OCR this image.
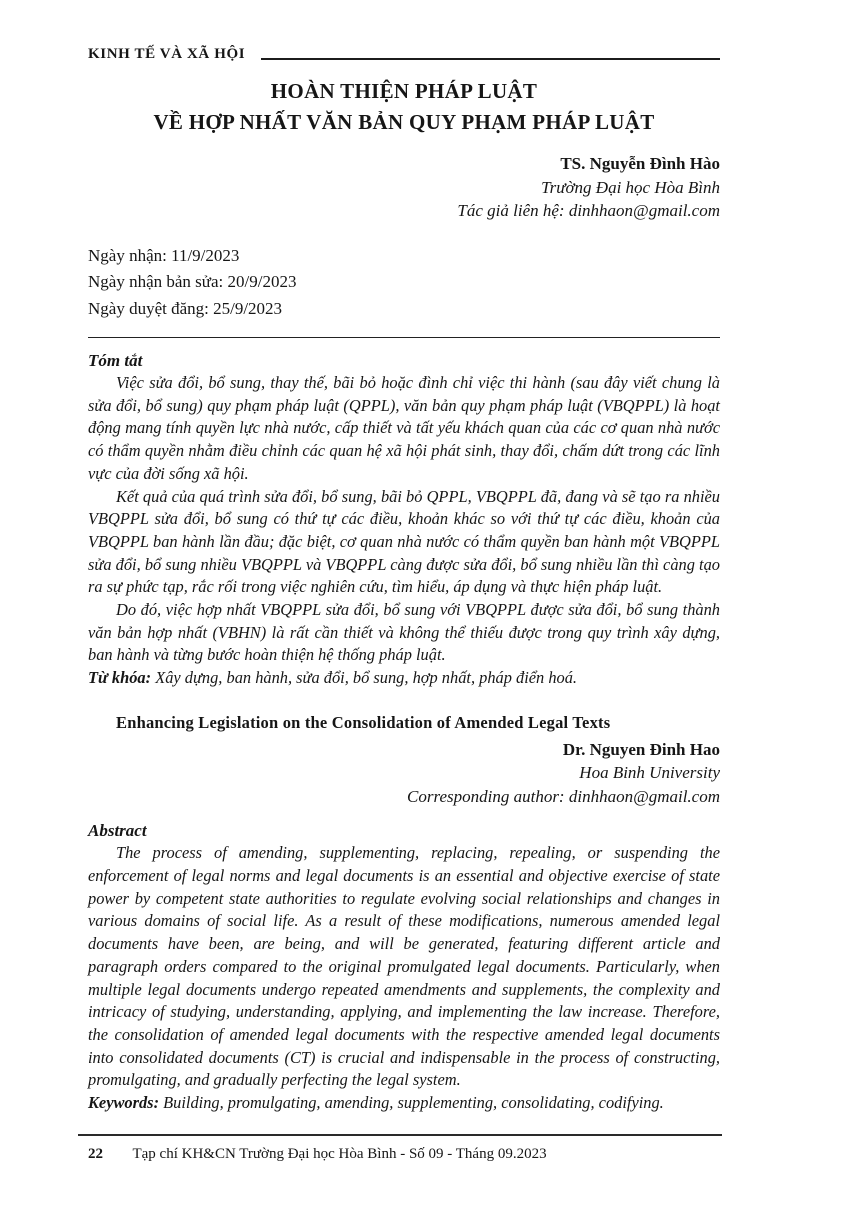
KINH TẾ VÀ XÃ HỘI
HOÀN THIỆN PHÁP LUẬT
VỀ HỢP NHẤT VĂN BẢN QUY PHẠM PHÁP LUẬT
TS. Nguyễn Đình Hào
Trường Đại học Hòa Bình
Tác giả liên hệ: dinhhaon@gmail.com
Ngày nhận: 11/9/2023
Ngày nhận bản sửa: 20/9/2023
Ngày duyệt đăng: 25/9/2023
Tóm tắt

Việc sửa đổi, bổ sung, thay thế, bãi bỏ hoặc đình chỉ việc thi hành (sau đây viết chung là sửa đổi, bổ sung) quy phạm pháp luật (QPPL), văn bản quy phạm pháp luật (VBQPPL) là hoạt động mang tính quyền lực nhà nước, cấp thiết và tất yếu khách quan của các cơ quan nhà nước có thẩm quyền nhằm điều chỉnh các quan hệ xã hội phát sinh, thay đổi, chấm dứt trong các lĩnh vực của đời sống xã hội.

Kết quả của quá trình sửa đổi, bổ sung, bãi bỏ QPPL, VBQPPL đã, đang và sẽ tạo ra nhiều VBQPPL sửa đổi, bổ sung có thứ tự các điều, khoản khác so với thứ tự các điều, khoản của VBQPPL ban hành lần đầu; đặc biệt, cơ quan nhà nước có thẩm quyền ban hành một VBQPPL sửa đổi, bổ sung nhiều VBQPPL và VBQPPL càng được sửa đổi, bổ sung nhiều lần thì càng tạo ra sự phức tạp, rắc rối trong việc nghiên cứu, tìm hiểu, áp dụng và thực hiện pháp luật.

Do đó, việc hợp nhất VBQPPL sửa đổi, bổ sung với VBQPPL được sửa đổi, bổ sung thành văn bản hợp nhất (VBHN) là rất cần thiết và không thể thiếu được trong quy trình xây dựng, ban hành và từng bước hoàn thiện hệ thống pháp luật.

Từ khóa: Xây dựng, ban hành, sửa đổi, bổ sung, hợp nhất, pháp điển hoá.

Enhancing Legislation on the Consolidation of Amended Legal Texts
Dr. Nguyen Đinh Hao
Hoa Binh University
Corresponding author: dinhhaon@gmail.com
Abstract

The process of amending, supplementing, replacing, repealing, or suspending the enforcement of legal norms and legal documents is an essential and objective exercise of state power by competent state authorities to regulate evolving social relationships and changes in various domains of social life. As a result of these modifications, numerous amended legal documents have been, are being, and will be generated, featuring different article and paragraph orders compared to the original promulgated legal documents. Particularly, when multiple legal documents undergo repeated amendments and supplements, the complexity and intricacy of studying, understanding, applying, and implementing the law increase. Therefore, the consolidation of amended legal documents with the respective amended legal documents into consolidated documents (CT) is crucial and indispensable in the process of constructing, promulgating, and gradually perfecting the legal system.

Keywords: Building, promulgating, amending, supplementing, consolidating, codifying.

22 Tạp chí KH&CN Trường Đại học Hòa Bình - Số 09 - Tháng 09.2023
